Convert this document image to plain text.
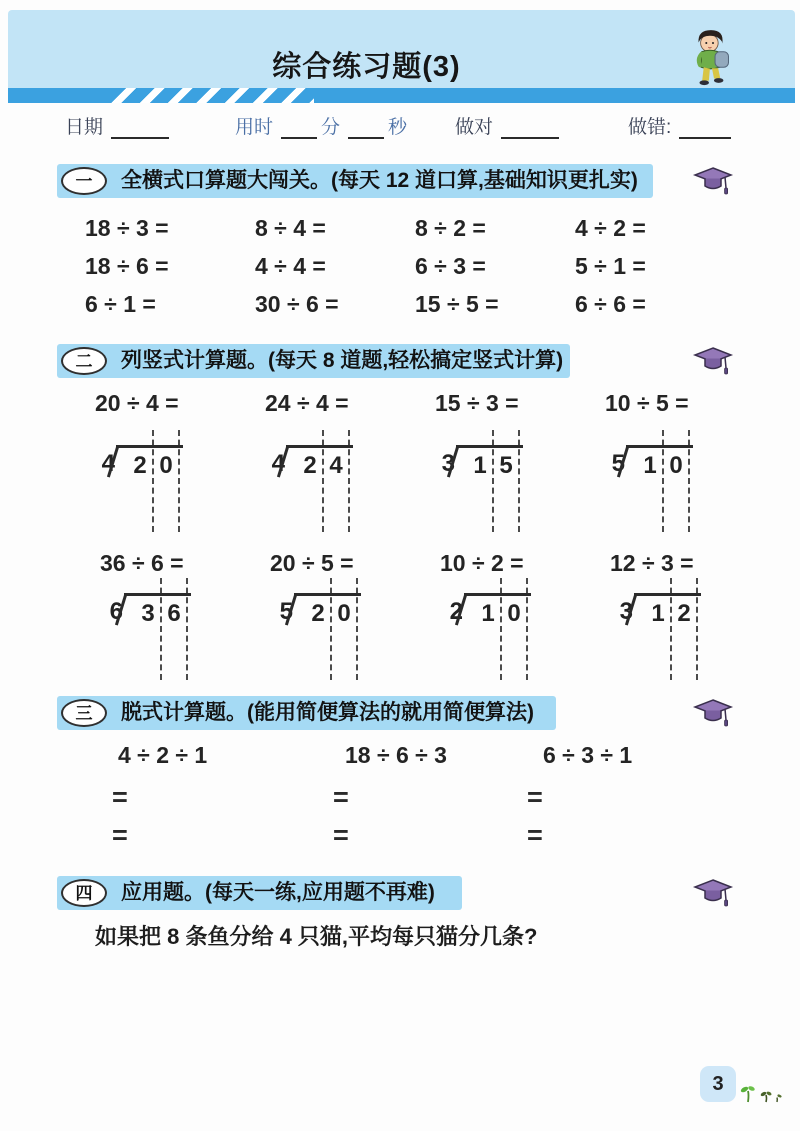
综合练习题(3)
日期	用时	分	秒	做对	做错:
一	全横式口算题大闯关。(每天 12 道口算,基础知识更扎实)
18 ÷ 3 =	8 ÷ 4 =	8 ÷ 2 =	4 ÷ 2 =
18 ÷ 6 =	4 ÷ 4 =	6 ÷ 3 =	5 ÷ 1 =
6 ÷ 1 =	30 ÷ 6 =	15 ÷ 5 =	6 ÷ 6 =
二	列竖式计算题。(每天 8 道题,轻松搞定竖式计算)
20 ÷ 4 =	24 ÷ 4 =	15 ÷ 3 =	10 ÷ 5 =
4 2 0	4 2 4	3 1 5	5 1 0
36 ÷ 6 =	20 ÷ 5 =	10 ÷ 2 =	12 ÷ 3 =
6 3 6	5 2 0	2 1 0	3 1 2
三	脱式计算题。(能用简便算法的就用简便算法)
4 ÷ 2 ÷ 1	18 ÷ 6 ÷ 3	6 ÷ 3 ÷ 1
=	=	=
=	=	=
四	应用题。(每天一练,应用题不再难)
如果把 8 条鱼分给 4 只猫,平均每只猫分几条?
3
